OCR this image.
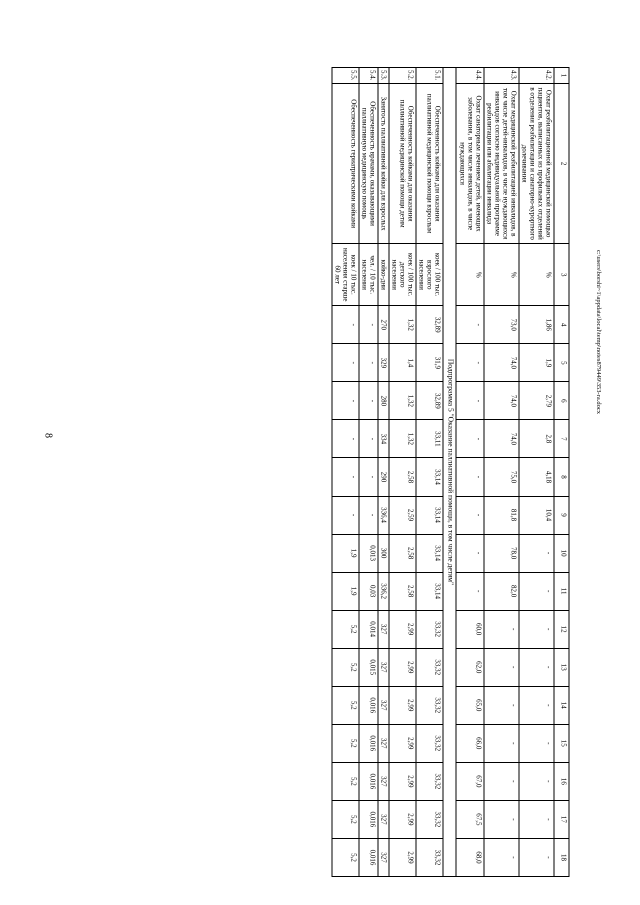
8
1	2	3	4	5	6	7	8	9	10	11	12	13	14	15	16	17	18
4.2.	Охват реабилитационной медицинской помощью пациентов, выписанных из профильных отделений в отделения реабилитации и санаторно-курортного долечивания	%	1,86	1,9	2,79	2,8	4,18	10,4	-	-	-	-	-	-	-	-	-
4.3.	Охват медицинской реабилитацией инвалидов, в том числе детей-инвалидов, в числе нуждающихся инвалидов согласно индивидуальной программе реабилитации или абилитации инвалида	%	73,0	74,0	74,0	74,0	75,0	81,8	78,0	82,0	-	-	-	-	-	-	-
4.4.	Охват санаторным лечением детей, имеющих заболевания, в том числе инвалидов, в числе нуждающихся	%	-	-	-	-	-	-	-	-	60,0	62,0	65,0	66,0	67,0	67,5	68,0
Подпрограмма 5 "Оказание паллиативной помощи, в том числе детям"																	
5.1.	Обеспеченность койками для оказания паллиативной медицинской помощи взрослым	коек / 100 тыс. взрослого населения	32,89	31,9	32,89	33,11	33,14	33,14	33,14	33,14	33,32	33,32	33,32	33,32	33,32	33,32	33,32
5.2.	Обеспеченность койками для оказания паллиативной медицинской помощи детям	коек / 100 тыс. детского населения	1,32	1,4	1,32	1,32	2,58	2,59	2,58	2,58	2,99	2,99	2,99	2,99	2,99	2,99	2,99
5.3.	Занятость паллиативной койки для взрослых	койко-дни	270	329	280	334	290	336,4	300	336,2	327	327	327	327	327	327	327
5.4.	Обеспеченность врачами, оказывающими паллиативную медицинскую помощь	чел. / 10 тыс. населения	-	-	-	-	-	-	0,013	0,03	0,014	0,015	0,016	0,016	0,016	0,016	0,016
5.5.	Обеспеченность гериатрическими койками	коек / 10 тыс. населения старше 60 лет	-	-	-	-	-	-	1,9	1,9	5,2	5,2	5,2	5,2	5,2	5,2	5,2
c:\users\borshi~1\appdata\local\temp\notes879449\353-ra.docx
